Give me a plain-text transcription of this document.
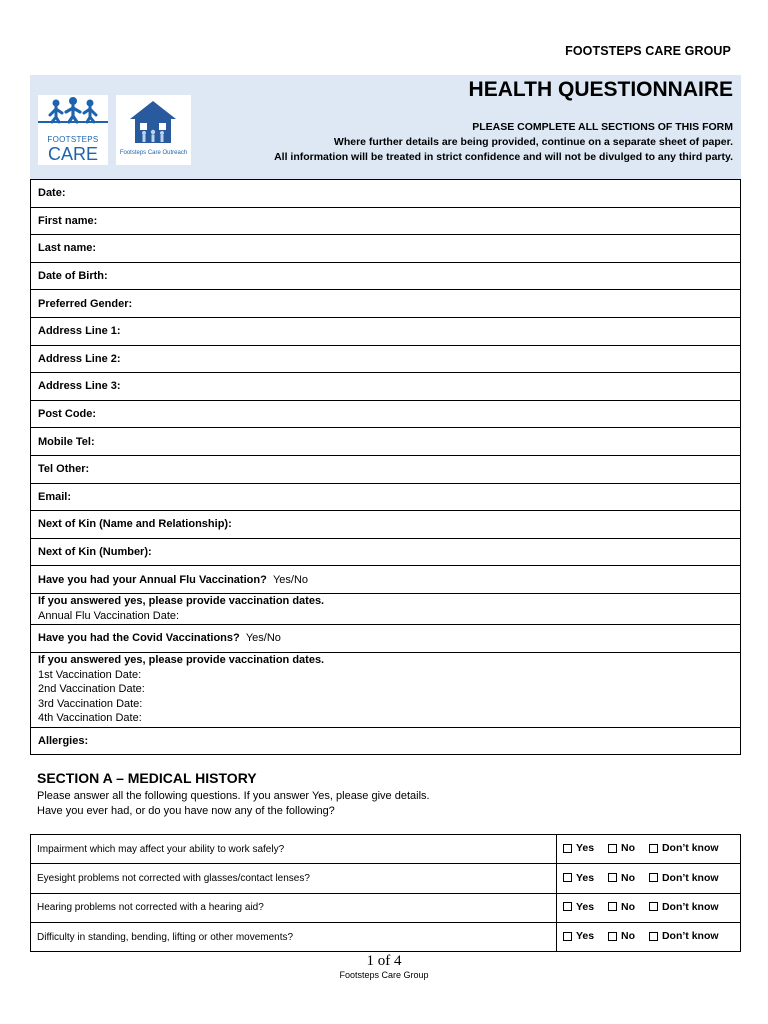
FOOTSTEPS CARE GROUP
FOOTSTEPS
CARE	Footsteps Care Outreach
HEALTH QUESTIONNAIRE
PLEASE COMPLETE ALL SECTIONS OF THIS FORM
Where further details are being provided, continue on a separate sheet of paper.
All information will be treated in strict confidence and will not be divulged to any third party.
Date:
First name:
Last name:
Date of Birth:
Preferred Gender:
Address Line 1:
Address Line 2:
Address Line 3:
Post Code:
Mobile Tel:
Tel Other:
Email:
Next of Kin (Name and Relationship):
Next of Kin (Number):
Have you had your Annual Flu Vaccination? Yes/No

If you answered yes, please provide vaccination dates.
Annual Flu Vaccination Date:

Have you had the Covid Vaccinations? Yes/No

If you answered yes, please provide vaccination dates.
1st Vaccination Date:
2nd Vaccination Date:
3rd Vaccination Date:
4th Vaccination Date:

Allergies:
SECTION A – MEDICAL HISTORY
Please answer all the following questions. If you answer Yes, please give details.
Have you ever had, or do you have now any of the following?
Impairment which may affect your ability to work safely?	Yes
No
Don’t know

Eyesight problems not corrected with glasses/contact lenses?	Yes
No
Don’t know

Hearing problems not corrected with a hearing aid?	Yes
No
Don’t know

Difficulty in standing, bending, lifting or other movements?	Yes
No
Don’t know
1 of 4
Footsteps Care Group
